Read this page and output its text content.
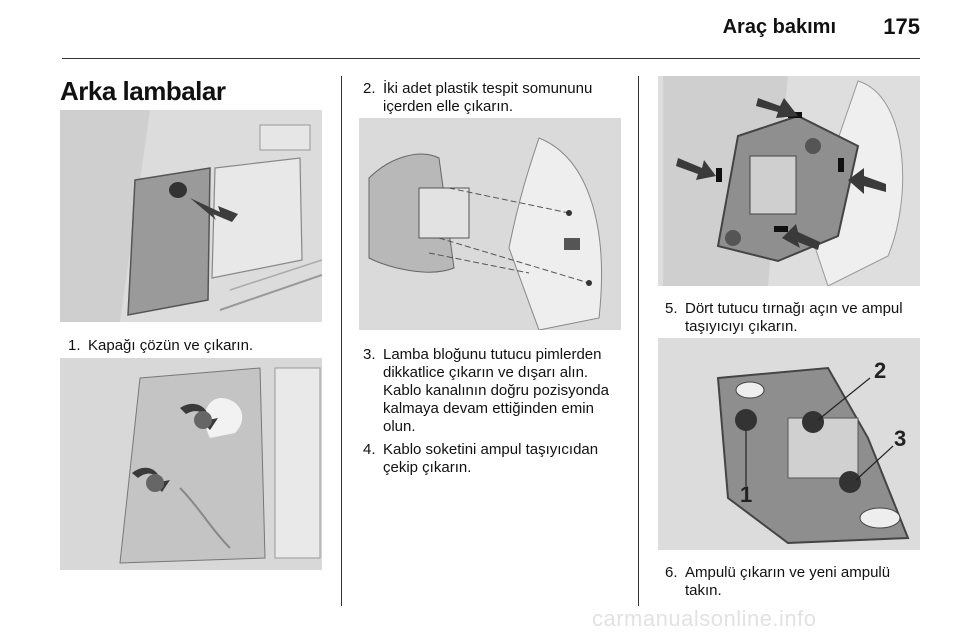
Araç bakımı 175
Arka lambalar
1. Kapağı çözün ve çıkarın.
2. İki adet plastik tespit somununu
içerden elle çıkarın.
3. Lamba bloğunu tutucu pimlerden
dikkatlice çıkarın ve dışarı alın.
Kablo kanalının doğru pozisyonda
kalmaya devam ettiğinden emin
olun.
4. Kablo soketini ampul taşıyıcıdan
çekip çıkarın.
5. Dört tutucu tırnağı açın ve ampul
taşıyıcıyı çıkarın.
1
2
3
6. Ampulü çıkarın ve yeni ampulü
takın.
carmanualsonline.info
